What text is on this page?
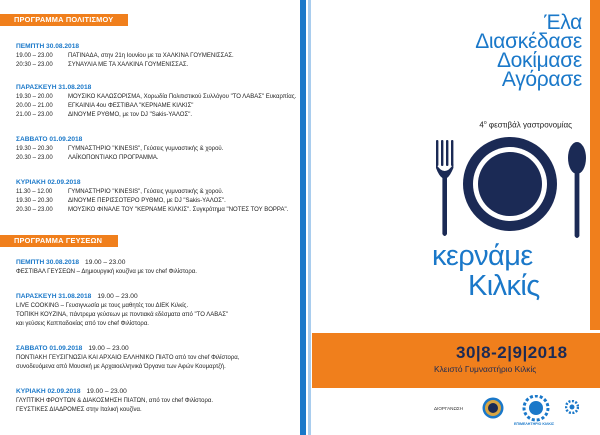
ΠΡΟΓΡΑΜΜΑ ΠΟΛΙΤΙΣΜΟΥ
ΠΕΜΠΤΗ 30.08.2018
19.00 – 23.00	ΠΑΤΙΝΑΔΑ, στην 21η Ιουνίου με τα ΧΑΛΚΙΝΑ ΓΟΥΜΕΝΙΣΣΑΣ.
20:30 – 23.00	ΣΥΝΑΥΛΙΑ ΜΕ ΤΑ ΧΑΛΚΙΝΑ ΓΟΥΜΕΝΙΣΣΑΣ.
ΠΑΡΑΣΚΕΥΗ 31.08.2018
19.30 – 20.00	ΜΟΥΣΙΚΟ ΚΑΛΩΣΟΡΙΣΜΑ, Χορωδία Πολιτιστικού Συλλόγου "ΤΟ ΛΑΒΑΣ" Ευκαρπίας.
20.00 – 21.00	ΕΓΚΑΙΝΙΑ 4ου ΦΕΣΤΙΒΑΛ "ΚΕΡΝΑΜΕ ΚΙΛΚΙΣ"
21.00 – 23.00	ΔΙΝΟΥΜΕ ΡΥΘΜΟ, με τον DJ "Sakis-ΥΑΛΟΣ".
ΣΑΒΒΑΤΟ 01.09.2018
19.30 – 20.30	ΓΥΜΝΑΣΤΗΡΙΟ "KINESIS", Γεύσεις γυμναστικής & χορού.
20.30 – 23.00	ΛΑΪΚΟΠΟΝΤΙΑΚΟ ΠΡΟΓΡΑΜΜΑ.
ΚΥΡΙΑΚΗ 02.09.2018
11.30 – 12.00	ΓΥΜΝΑΣΤΗΡΙΟ "KINESIS", Γεύσεις γυμναστικής & χορού.
19.30 – 20.30	ΔΙΝΟΥΜΕ ΠΕΡΙΣΣΟΤΕΡΟ ΡΥΘΜΟ, με DJ "Sakis-ΥΑΛΟΣ".
20.30 – 23.00	ΜΟΥΣΙΚΟ ΦΙΝΑΛΕ ΤΟΥ "ΚΕΡΝΑΜΕ ΚΙΛΚΙΣ". Συγκρότημα "ΝΟΤΕΣ ΤΟΥ ΒΟΡΡΑ".
ΠΡΟΓΡΑΜΜΑ ΓΕΥΣΕΩΝ
ΠΕΜΠΤΗ 30.08.2018 19.00 – 23.00
ΦΕΣΤΙΒΑΛ ΓΕΥΣΕΩΝ – Δημιουργική κουζίνα με τον chef Φιλίστορα.
ΠΑΡΑΣΚΕΥΗ 31.08.2018 19.00 – 23.00
LIVE COOKING – Γευσιγνωσία με τους μαθητές του ΔΙΕΚ Κιλκίς.
ΤΟΠΙΚΗ ΚΟΥΖΙΝΑ, πάντρεμα γεύσεων με ποντιακά εδέσματα από "ΤΟ ΛΑΒΑΣ"
και γεύσεις Καππαδοκίας από τον chef Φιλίστορα.
ΣΑΒΒΑΤΟ 01.09.2018 19.00 – 23.00
ΠΟΝΤΙΑΚΗ ΓΕΥΣΙΓΝΩΣΙΑ ΚΑΙ ΑΡΧΑΙΟ ΕΛΛΗΝΙΚΟ ΠΙΑΤΟ από τον chef Φιλίστορα,
συνοδευόμενα από Μουσική με Αρχαιοελληνικά Όργανα των Αφών Κουμαρτζή.
ΚΥΡΙΑΚΗ 02.09.2018 19.00 – 23.00
ΓΛΥΠΤΙΚΗ ΦΡΟΥΤΩΝ & ΔΙΑΚΟΣΜΗΣΗ ΠΙΑΤΩΝ, από τον chef Φιλίστορα.
ΓΕΥΣΤΙΚΕΣ ΔΙΑΔΡΟΜΕΣ στην Ιταλική κουζίνα.
Έλα
Διασκέδασε
Δοκίμασε
Αγόρασε
$4^o$ φεστιβάλ γαστρονομίας
κερνάμε
Κιλκίς
30|8-2|9|2018
Κλειστό Γυμναστήριο Κιλκίς
ΔΙΟΡΓΑΝΩΣΗ
ΕΠΙΜΕΛΗΤΗΡΙΟ ΚΙΛΚΙΣ
